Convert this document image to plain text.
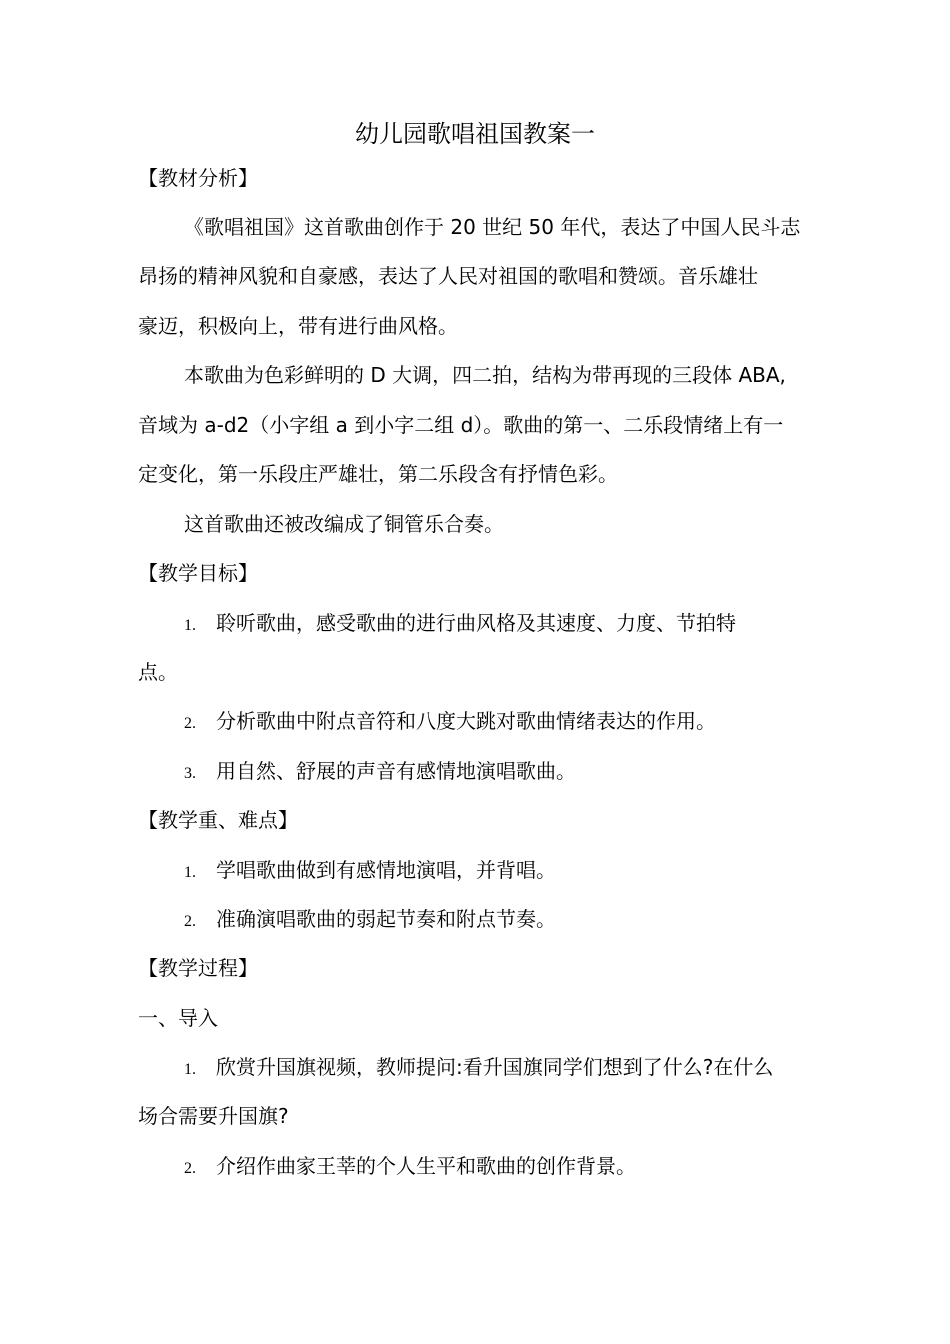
幼儿园歌唱祖国教案一
【教材分析】
《歌唱祖国》这首歌曲创作于 20 世纪 50 年代，表达了中国人民斗志
昂扬的精神风貌和自豪感，表达了人民对祖国的歌唱和赞颂。音乐雄壮
豪迈，积极向上，带有进行曲风格。
本歌曲为色彩鲜明的 D 大调，四二拍，结构为带再现的三段体 ABA,
音域为 a-d2（小字组 a 到小字二组 d）。歌曲的第一、二乐段情绪上有一
定变化，第一乐段庄严雄壮，第二乐段含有抒情色彩。
这首歌曲还被改编成了铜管乐合奏。
【教学目标】
1. 聆听歌曲，感受歌曲的进行曲风格及其速度、力度、节拍特
点。
2. 分析歌曲中附点音符和八度大跳对歌曲情绪表达的作用。
3. 用自然、舒展的声音有感情地演唱歌曲。
【教学重、难点】
1. 学唱歌曲做到有感情地演唱，并背唱。
2. 准确演唱歌曲的弱起节奏和附点节奏。
【教学过程】
一、导入
1. 欣赏升国旗视频，教师提问:看升国旗同学们想到了什么?在什么
场合需要升国旗?
2. 介绍作曲家王莘的个人生平和歌曲的创作背景。
